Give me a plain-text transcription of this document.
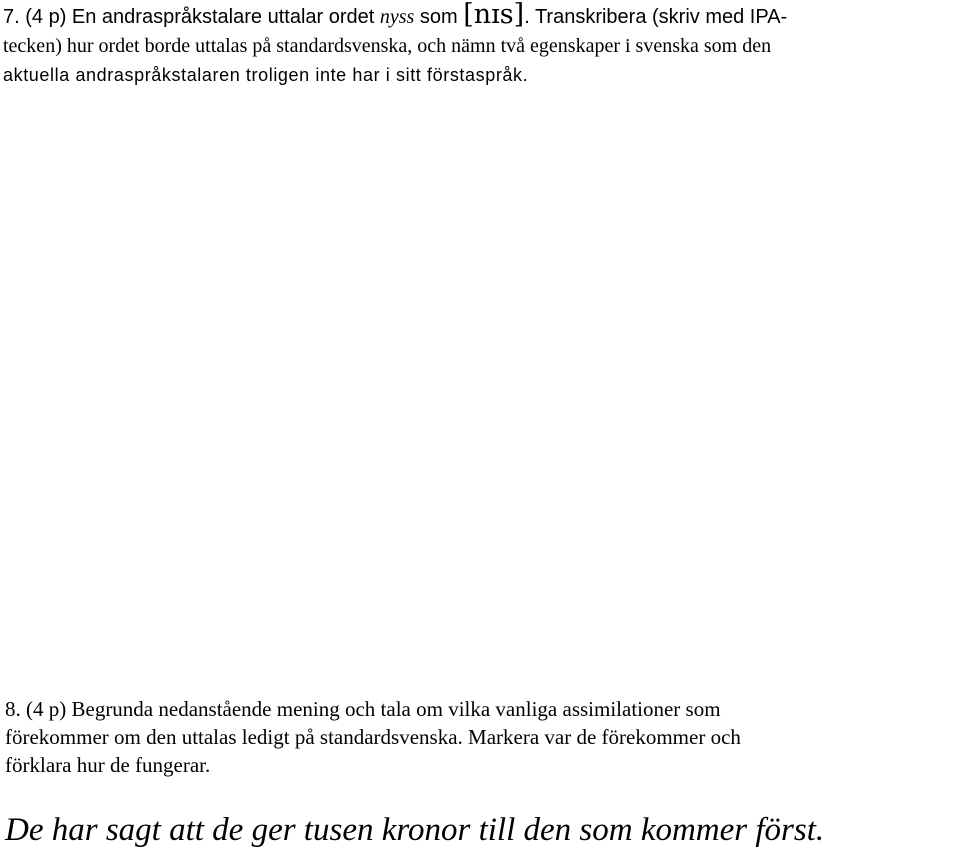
7. (4 p) En andraspråkstalare uttalar ordet nyss som [nɪs]. Transkribera (skriv med IPA-
tecken) hur ordet borde uttalas på standardsvenska, och nämn två egenskaper i svenska som den
aktuella andraspråkstalaren troligen inte har i sitt förstaspråk.
8. (4 p) Begrunda nedanstående mening och tala om vilka vanliga assimilationer som
förekommer om den uttalas ledigt på standardsvenska. Markera var de förekommer och
förklara hur de fungerar.
De har sagt att de ger tusen kronor till den som kommer först.
